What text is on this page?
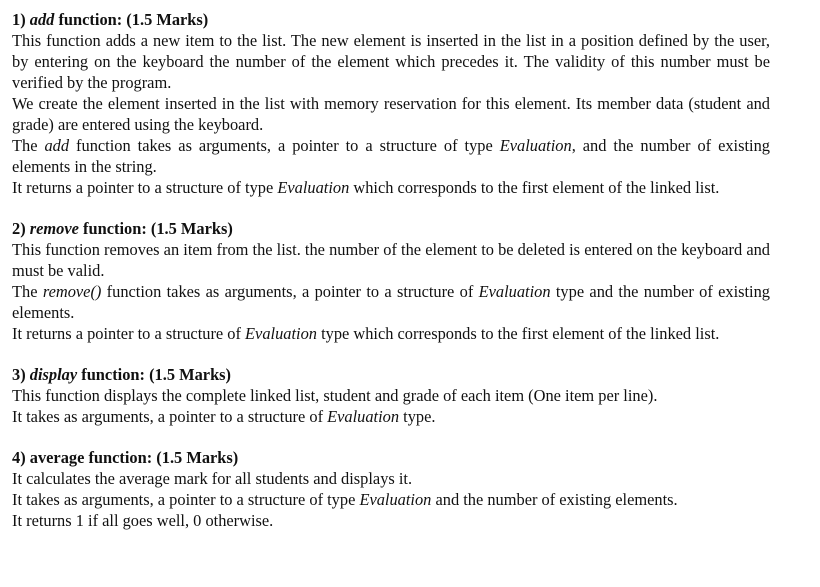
1) add function: (1.5 Marks)

This function adds a new item to the list. The new element is inserted in the list in a position defined by the user, by entering on the keyboard the number of the element which precedes it. The validity of this number must be verified by the program.

We create the element inserted in the list with memory reservation for this element. Its member data (student and grade) are entered using the keyboard.

The add function takes as arguments, a pointer to a structure of type Evaluation, and the number of existing elements in the string.

It returns a pointer to a structure of type Evaluation which corresponds to the first element of the linked list.

2) remove function: (1.5 Marks)

This function removes an item from the list. the number of the element to be deleted is entered on the keyboard and must be valid.

The remove() function takes as arguments, a pointer to a structure of Evaluation type and the number of existing elements.

It returns a pointer to a structure of Evaluation type which corresponds to the first element of the linked list.

3) display function: (1.5 Marks)

This function displays the complete linked list, student and grade of each item (One item per line).

It takes as arguments, a pointer to a structure of Evaluation type.

4) average function: (1.5 Marks)

It calculates the average mark for all students and displays it.

It takes as arguments, a pointer to a structure of type Evaluation and the number of existing elements.

It returns 1 if all goes well, 0 otherwise.
